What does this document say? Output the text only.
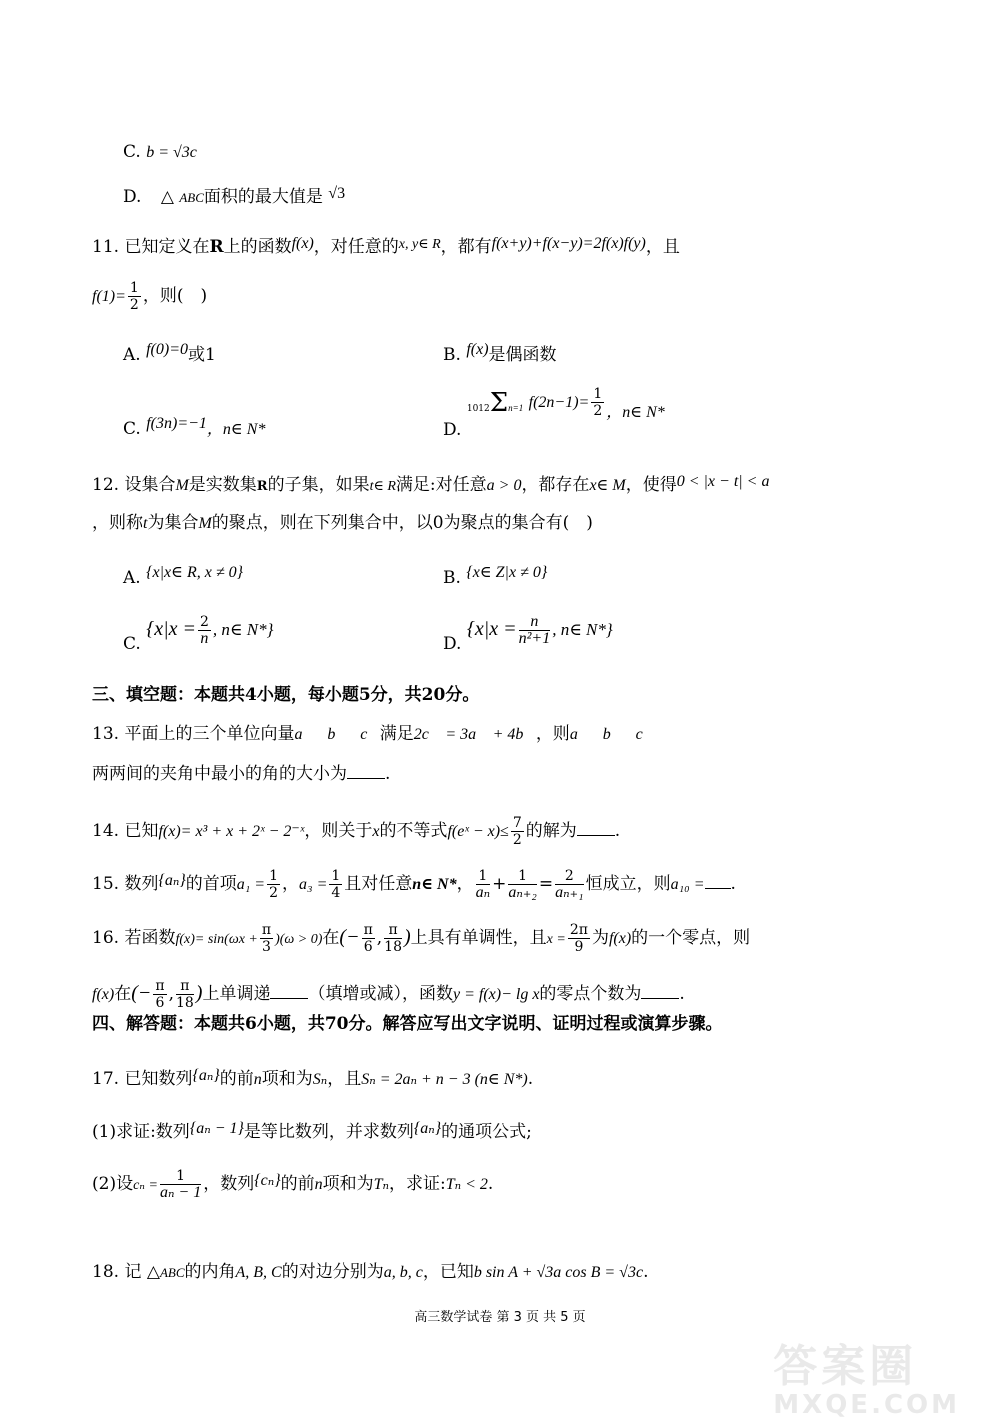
C. b = √3c
D. △ ABC面积的最大值是 √3
11. 已知定义在R上的函数f(x)，对任意的$^{x, y\in R}$，都有f(x+y)+f(x−y)=2f(x)f(y)，且
$f(1)= \frac{1}{2}$ ，则(　)
A. f(0)=0或1	B. f(x)是偶函数
C. f(3n)=−1，n∈ N*	D. 1012Σn=1 $f(2n-1)= \frac{1}{2}$ ，n∈ N*
12. 设集合M是实数集R的子集，如果t∈ R满足:对任意a > 0，都存在x∈ M，使得0 < |x − t| < a
，则称t为集合M的聚点，则在下列集合中，以0为聚点的集合有(　)
A. {x|x∈ R, x ≠ 0}	B. {x∈ Z|x ≠ 0}
C. {$x|x = \frac{2}{n}$ , n∈ N*}
D. {$x|x = \frac{n}{\text{n²+1}}$ , n∈ N*}
三、填空题：本题共4小题，每小题5分，共20分。
13. 平面上的三个单位向量a⃗，b⃗，c⃗满足2c⃗ = 3a⃗ + 4b⃗，则a⃗，b⃗，c⃗
两两间的夹角中最小的角的大小为 .
14. 已知f(x)= x³ + x + 2ˣ − 2⁻ˣ，则关于x的不等式f(eˣ − $x)\le \frac{7}{2}$ 的解为 .
15. 数列{aₙ}的首项$a_1 = \frac{1}{2}$ ，$a_3 = \frac{1}{4}$ 且对任意n∈ N*， $\frac{1}{\text{aₙ}} + \frac{1}{\text{aₙ₊₂}} = \frac{2}{\text{aₙ₊₁}}$ 恒成立，则a₁₀ = .
16. 若函数$f(x)= \sin(\omega x + \frac{\pi}{3} )(\omega > 0)$在(− $\frac{\pi}{6}$ , $\frac{\pi}{18}$ )上具有单调性，且$x = \frac{2\pi}{9}$ 为f(x)的一个零点，则
f(x)在(− $\frac{\pi}{6}$ , $\frac{\pi}{18}$ )上单调递 （填增或减），函数y = f(x)− lg x的零点个数为 .
四、解答题：本题共6小题，共70分。解答应写出文字说明、证明过程或演算步骤。
17. 已知数列{aₙ}的前n项和为Sₙ，且Sₙ = 2aₙ + n − 3 (n∈ N*).
(1)求证:数列{aₙ − 1}是等比数列，并求数列{aₙ}的通项公式;
(2)设$c_n = \frac{1}{\text{aₙ − 1}}$ ，数列{cₙ}的前n项和为Tₙ，求证:Tₙ < 2.
18. 记 △ABC的内角A, B, C的对边分别为a, b, c，已知b sin A + √3a cos B = √3c.
高三数学试卷 第 3 页 共 5 页
答案圈
MXQE.COM
